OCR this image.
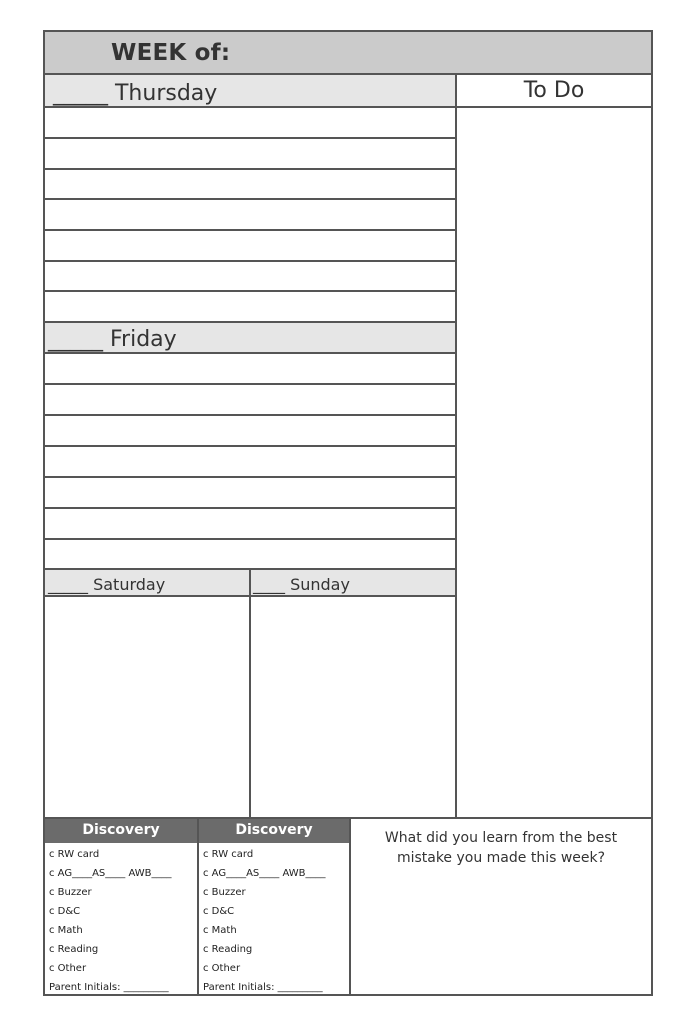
WEEK of:
_____ Thursday	To Do
_____ Friday
_____ Saturday	____ Sunday
Discovery
c RW card
c AG____AS____ AWB____
c Buzzer
c D&C
c Math
c Reading
c Other
Parent Initials: _________
Discovery
c RW card
c AG____AS____ AWB____
c Buzzer
c D&C
c Math
c Reading
c Other
Parent Initials: _________
What did you learn from the best
mistake you made this week?
